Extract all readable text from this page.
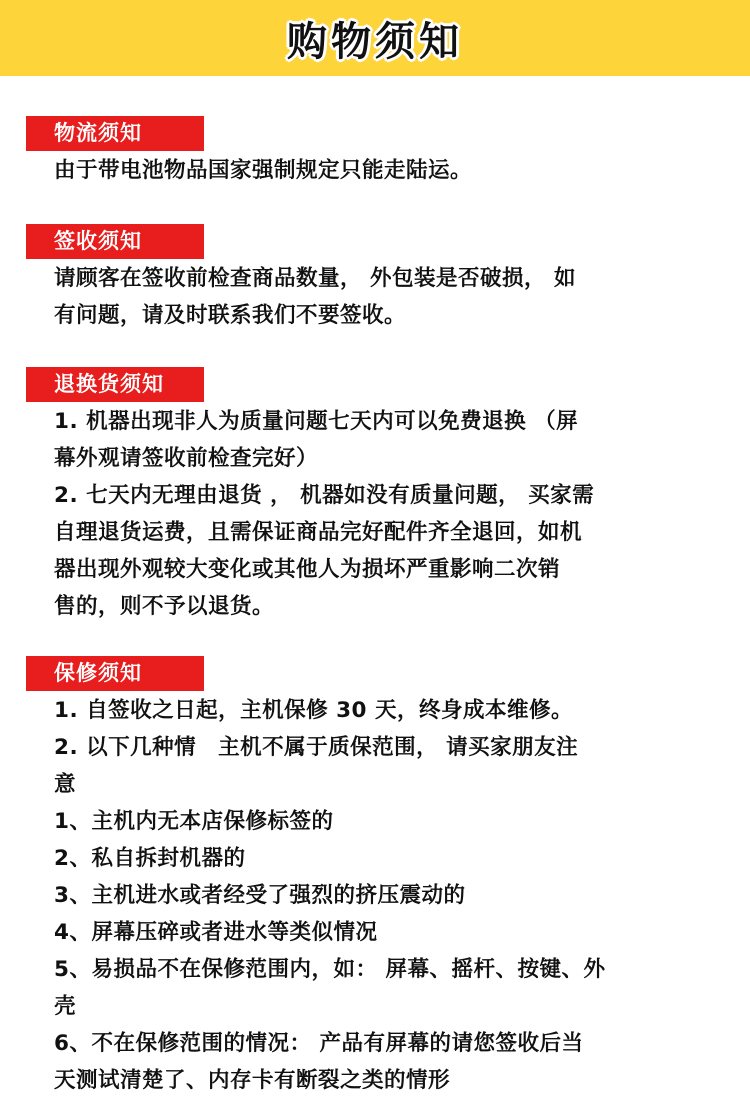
购物须知
物流须知
由于带电池物品国家强制规定只能走陆运。
签收须知
请顾客在签收前检查商品数量， 外包装是否破损， 如
有问题，请及时联系我们不要签收。
退换货须知
1. 机器出现非人为质量问题七天内可以免费退换 （屏
幕外观请签收前检查完好）
2. 七天内无理由退货 ， 机器如没有质量问题， 买家需
自理退货运费，且需保证商品完好配件齐全退回，如机
器出现外观较大变化或其他人为损坏严重影响二次销
售的，则不予以退货。
保修须知
1. 自签收之日起，主机保修 30 天，终身成本维修。
2. 以下几种情　主机不属于质保范围， 请买家朋友注
意
1、主机内无本店保修标签的
2、私自拆封机器的
3、主机进水或者经受了强烈的挤压震动的
4、屏幕压碎或者进水等类似情况
5、易损品不在保修范围内，如： 屏幕、摇杆、按键、外
壳
6、不在保修范围的情况： 产品有屏幕的请您签收后当
天测试清楚了、内存卡有断裂之类的情形
